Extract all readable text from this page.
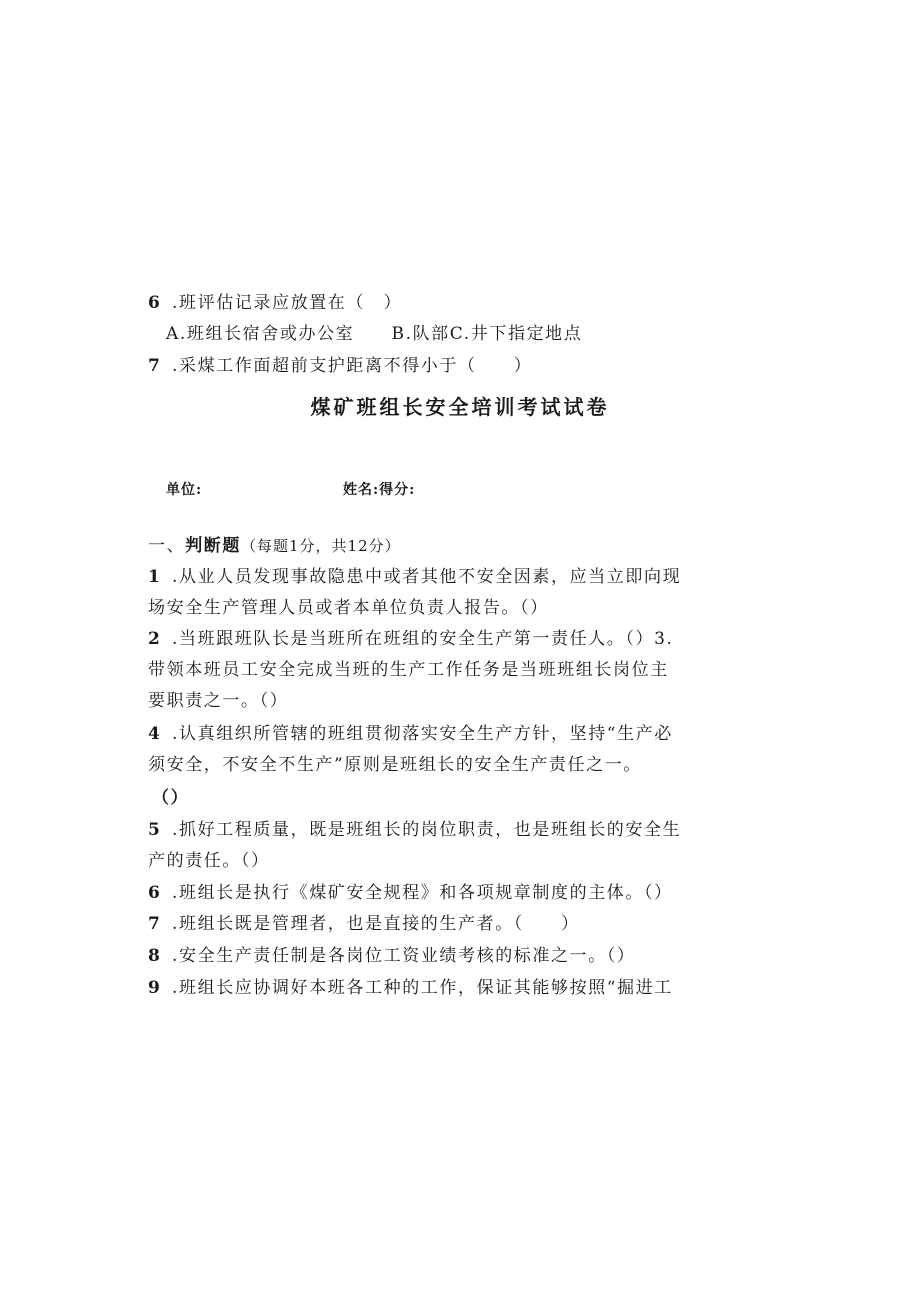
6 .班评估记录应放置在（　）
A.班组长宿舍或办公室　　B.队部C.井下指定地点
7 .采煤工作面超前支护距离不得小于（　　）
煤矿班组长安全培训考试试卷
单位:	姓名:得分:
一、判断题（每题1分，共12分）
1 .从业人员发现事故隐患中或者其他不安全因素，应当立即向现
场安全生产管理人员或者本单位负责人报告。（）
2 .当班跟班队长是当班所在班组的安全生产第一责任人。（）3.
带领本班员工安全完成当班的生产工作任务是当班班组长岗位主
要职责之一。（）
4 .认真组织所管辖的班组贯彻落实安全生产方针，坚持“生产必
须安全，不安全不生产”原则是班组长的安全生产责任之一。
（）
5 .抓好工程质量，既是班组长的岗位职责，也是班组长的安全生
产的责任。（）
6 .班组长是执行《煤矿安全规程》和各项规章制度的主体。（）
7 .班组长既是管理者，也是直接的生产者。（　　）
8 .安全生产责任制是各岗位工资业绩考核的标准之一。（）
9 .班组长应协调好本班各工种的工作，保证其能够按照“掘进工
